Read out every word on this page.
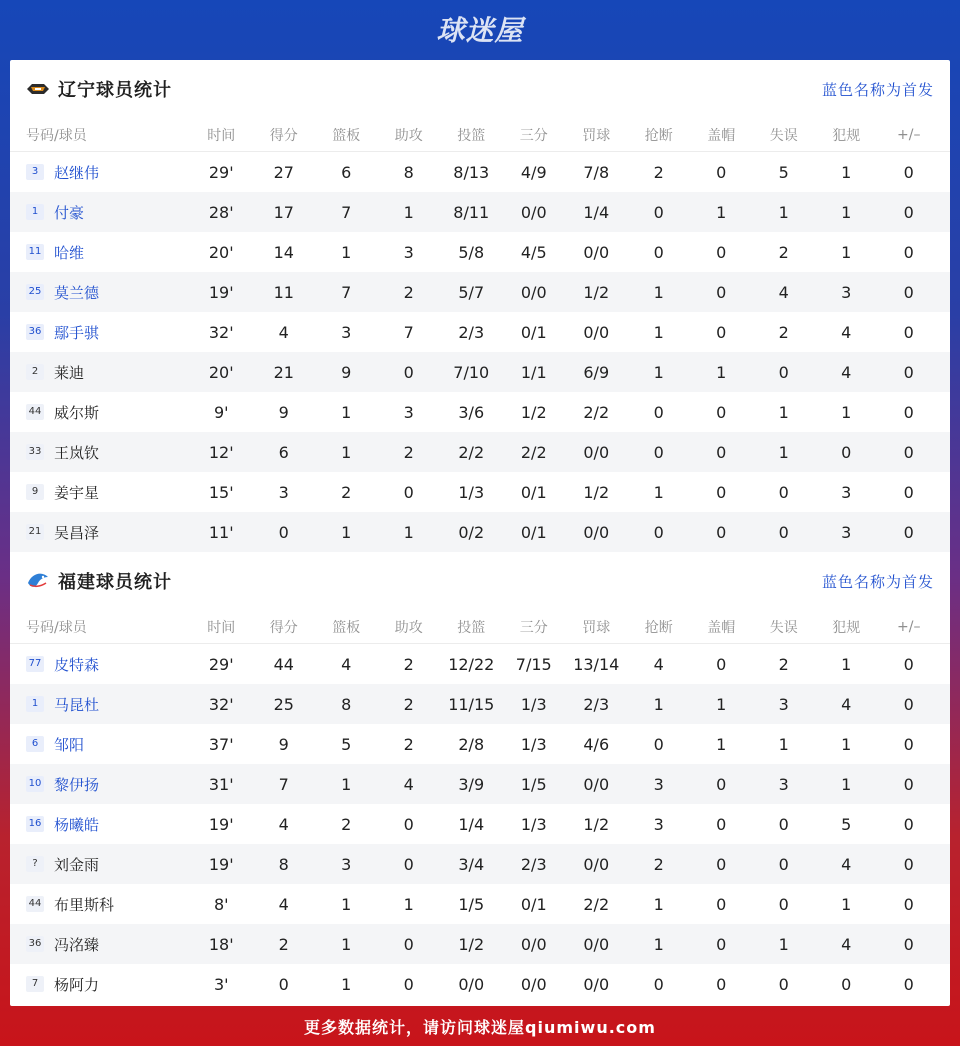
球迷屋
辽宁球员统计	蓝色名称为首发
号码/球员	时间	得分	篮板	助攻	投篮	三分	罚球	抢断	盖帽	失误	犯规	+/–
3	赵继伟	29'	27	6	8	8/13	4/9	7/8	2	0	5	1	0
1	付豪	28'	17	7	1	8/11	0/0	1/4	0	1	1	1	0
11 哈维	20'	14	1	3	5/8	4/5	0/0	0	0	2	1	0
25 莫兰德	19'	11	7	2	5/7	0/0	1/2	1	0	4	3	0
36 鄢手骐	32'	4	3	7	2/3	0/1	0/0	1	0	2	4	0
2	莱迪	20'	21	9	0	7/10	1/1	6/9	1	1	0	4	0
44 威尔斯	9'	9	1	3	3/6	1/2	2/2	0	0	1	1	0
33 王岚钦	12'	6	1	2	2/2	2/2	0/0	0	0	1	0	0
9	姜宇星	15'	3	2	0	1/3	0/1	1/2	1	0	0	3	0
21 吴昌泽	11'	0	1	1	0/2	0/1	0/0	0	0	0	3	0
福建球员统计	蓝色名称为首发
号码/球员	时间	得分	篮板	助攻	投篮	三分	罚球	抢断	盖帽	失误	犯规	+/–
77 皮特森	29'	44	4	2	12/22	7/15	13/14	4	0	2	1	0
1	马昆杜	32'	25	8	2	11/15	1/3	2/3	1	1	3	4	0
6	邹阳	37'	9	5	2	2/8	1/3	4/6	0	1	1	1	0
10 黎伊扬	31'	7	1	4	3/9	1/5	0/0	3	0	3	1	0
16 杨曦皓	19'	4	2	0	1/4	1/3	1/2	3	0	0	5	0
?	刘金雨	19'	8	3	0	3/4	2/3	0/0	2	0	0	4	0
44 布里斯科	8'	4	1	1	1/5	0/1	2/2	1	0	0	1	0
36 冯洺臻	18'	2	1	0	1/2	0/0	0/0	1	0	1	4	0
7	杨阿力	3'	0	1	0	0/0	0/0	0/0	0	0	0	0	0
更多数据统计，请访问球迷屋qiumiwu.com
